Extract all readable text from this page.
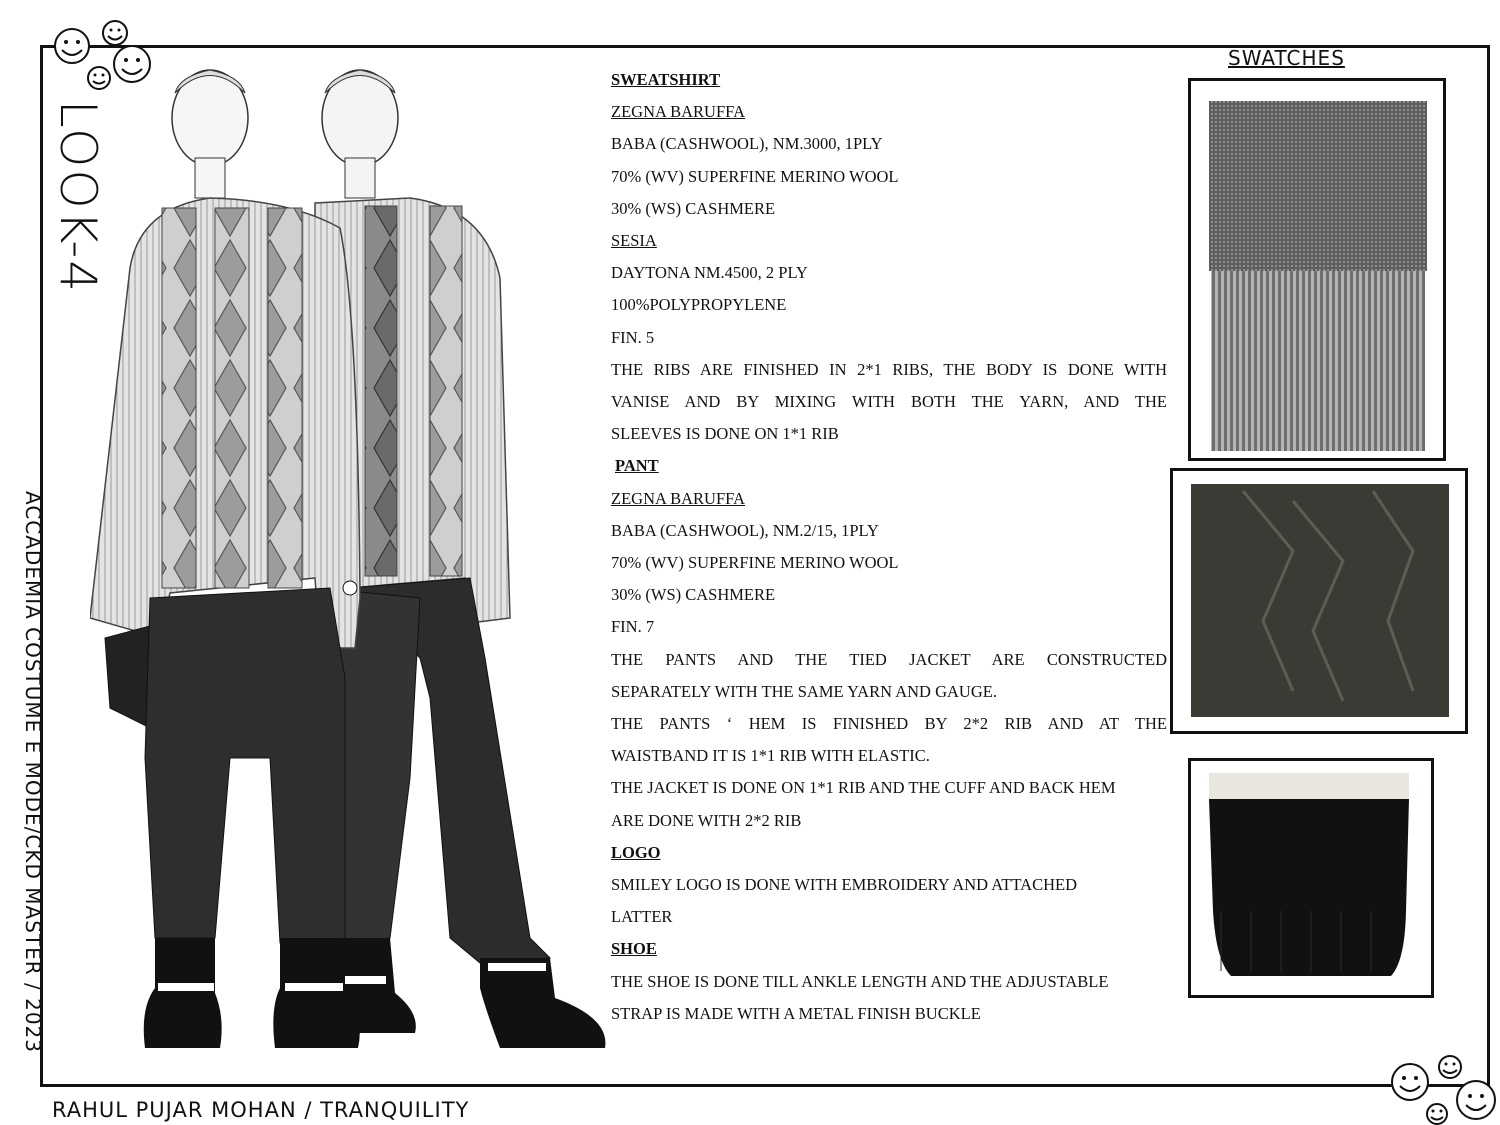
LOOK-4
ACCADEMIA COSTUME E MODE/CKD MASTER / 2023
RAHUL PUJAR MOHAN / TRANQUILITY
SWATCHES

SWEATSHIRT

ZEGNA BARUFFA

BABA (CASHWOOL), NM.3000, 1PLY

70% (WV) SUPERFINE MERINO WOOL

30% (WS) CASHMERE

SESIA

DAYTONA NM.4500, 2 PLY

100%POLYPROPYLENE

FIN. 5

THE RIBS ARE FINISHED IN 2*1 RIBS, THE BODY IS DONE WITH

VANISE AND BY MIXING WITH BOTH THE YARN, AND THE

SLEEVES IS DONE ON 1*1 RIB

PANT

ZEGNA BARUFFA

BABA (CASHWOOL), NM.2/15, 1PLY

70% (WV) SUPERFINE MERINO WOOL

30% (WS) CASHMERE

FIN. 7

THE PANTS AND THE TIED JACKET ARE CONSTRUCTED

SEPARATELY WITH THE SAME YARN AND GAUGE.

THE PANTS ‘ HEM IS FINISHED BY 2*2 RIB AND AT THE

WAISTBAND IT IS 1*1 RIB WITH ELASTIC.

THE JACKET IS DONE ON 1*1 RIB AND THE CUFF AND BACK HEM

ARE DONE WITH 2*2 RIB

LOGO

SMILEY LOGO IS DONE WITH EMBROIDERY AND ATTACHED

LATTER

SHOE

THE SHOE IS DONE TILL ANKLE LENGTH AND THE ADJUSTABLE

STRAP IS MADE WITH A METAL FINISH BUCKLE
